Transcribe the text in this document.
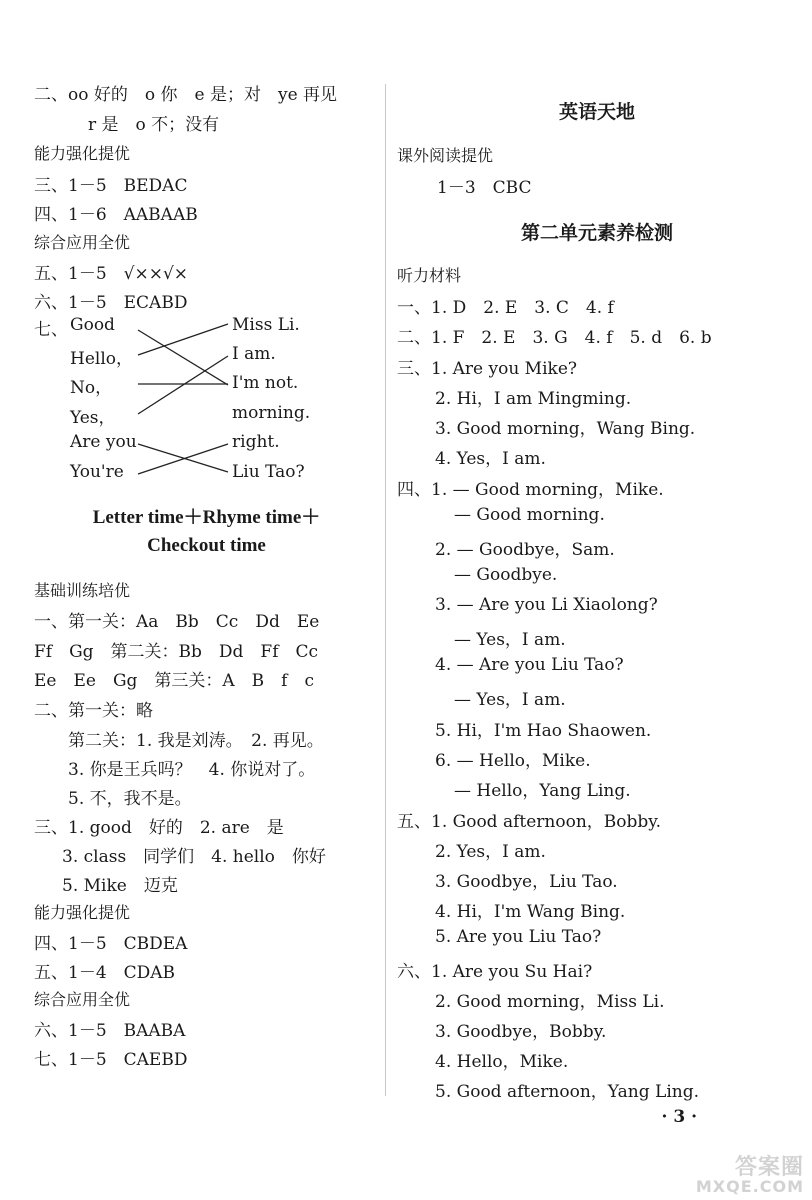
二、oo 好的　o 你　e 是；对　ye 再见
r 是　o 不；没有
能力强化提优
三、1－5　BEDAC
四、1－6　AABAAB
综合应用全优
五、1－5　√××√×
六、1－5　ECABD
七、 Good
Hello，
No，
Yes，
Are you
You're
Miss Li.
I am.
I'm not.
morning.
right.
Liu Tao?
Letter time＋Rhyme time＋
Checkout time
基础训练培优
一、第一关：Aa　Bb　Cc　Dd　Ee
Ff　Gg　第二关：Bb　Dd　Ff　Cc
Ee　Ee　Gg　第三关：A　B　f　c
二、第一关：略
第二关：1. 我是刘涛。　2. 再见。
3. 你是王兵吗？　4. 你说对了。
5. 不，我不是。
三、1. good　好的　2. are　是
3. class　同学们　4. hello　你好
5. Mike　迈克
能力强化提优
四、1－5　CBDEA
五、1－4　CDAB
综合应用全优
六、1－5　BAABA
七、1－5　CAEBD
英语天地
课外阅读提优
1－3　CBC
第二单元素养检测
听力材料
一、1. D　2. E　3. C　4. f
二、1. F　2. E　3. G　4. f　5. d　6. b
三、1. Are you Mike?
2. Hi，I am Mingming.
3. Good morning，Wang Bing.
4. Yes，I am.
四、1. — Good morning，Mike.
— Good morning.
2. — Goodbye，Sam.
— Goodbye.
3. — Are you Li Xiaolong?
— Yes，I am.
4. — Are you Liu Tao?
— Yes，I am.
5. Hi，I'm Hao Shaowen.
6. — Hello，Mike.
— Hello，Yang Ling.
五、1. Good afternoon，Bobby.
2. Yes，I am.
3. Goodbye，Liu Tao.
4. Hi，I'm Wang Bing.
5. Are you Liu Tao?
六、1. Are you Su Hai?
2. Good morning，Miss Li.
3. Goodbye，Bobby.
4. Hello，Mike.
5. Good afternoon，Yang Ling.
· 3 ·
答案圈
MXQE.COM
